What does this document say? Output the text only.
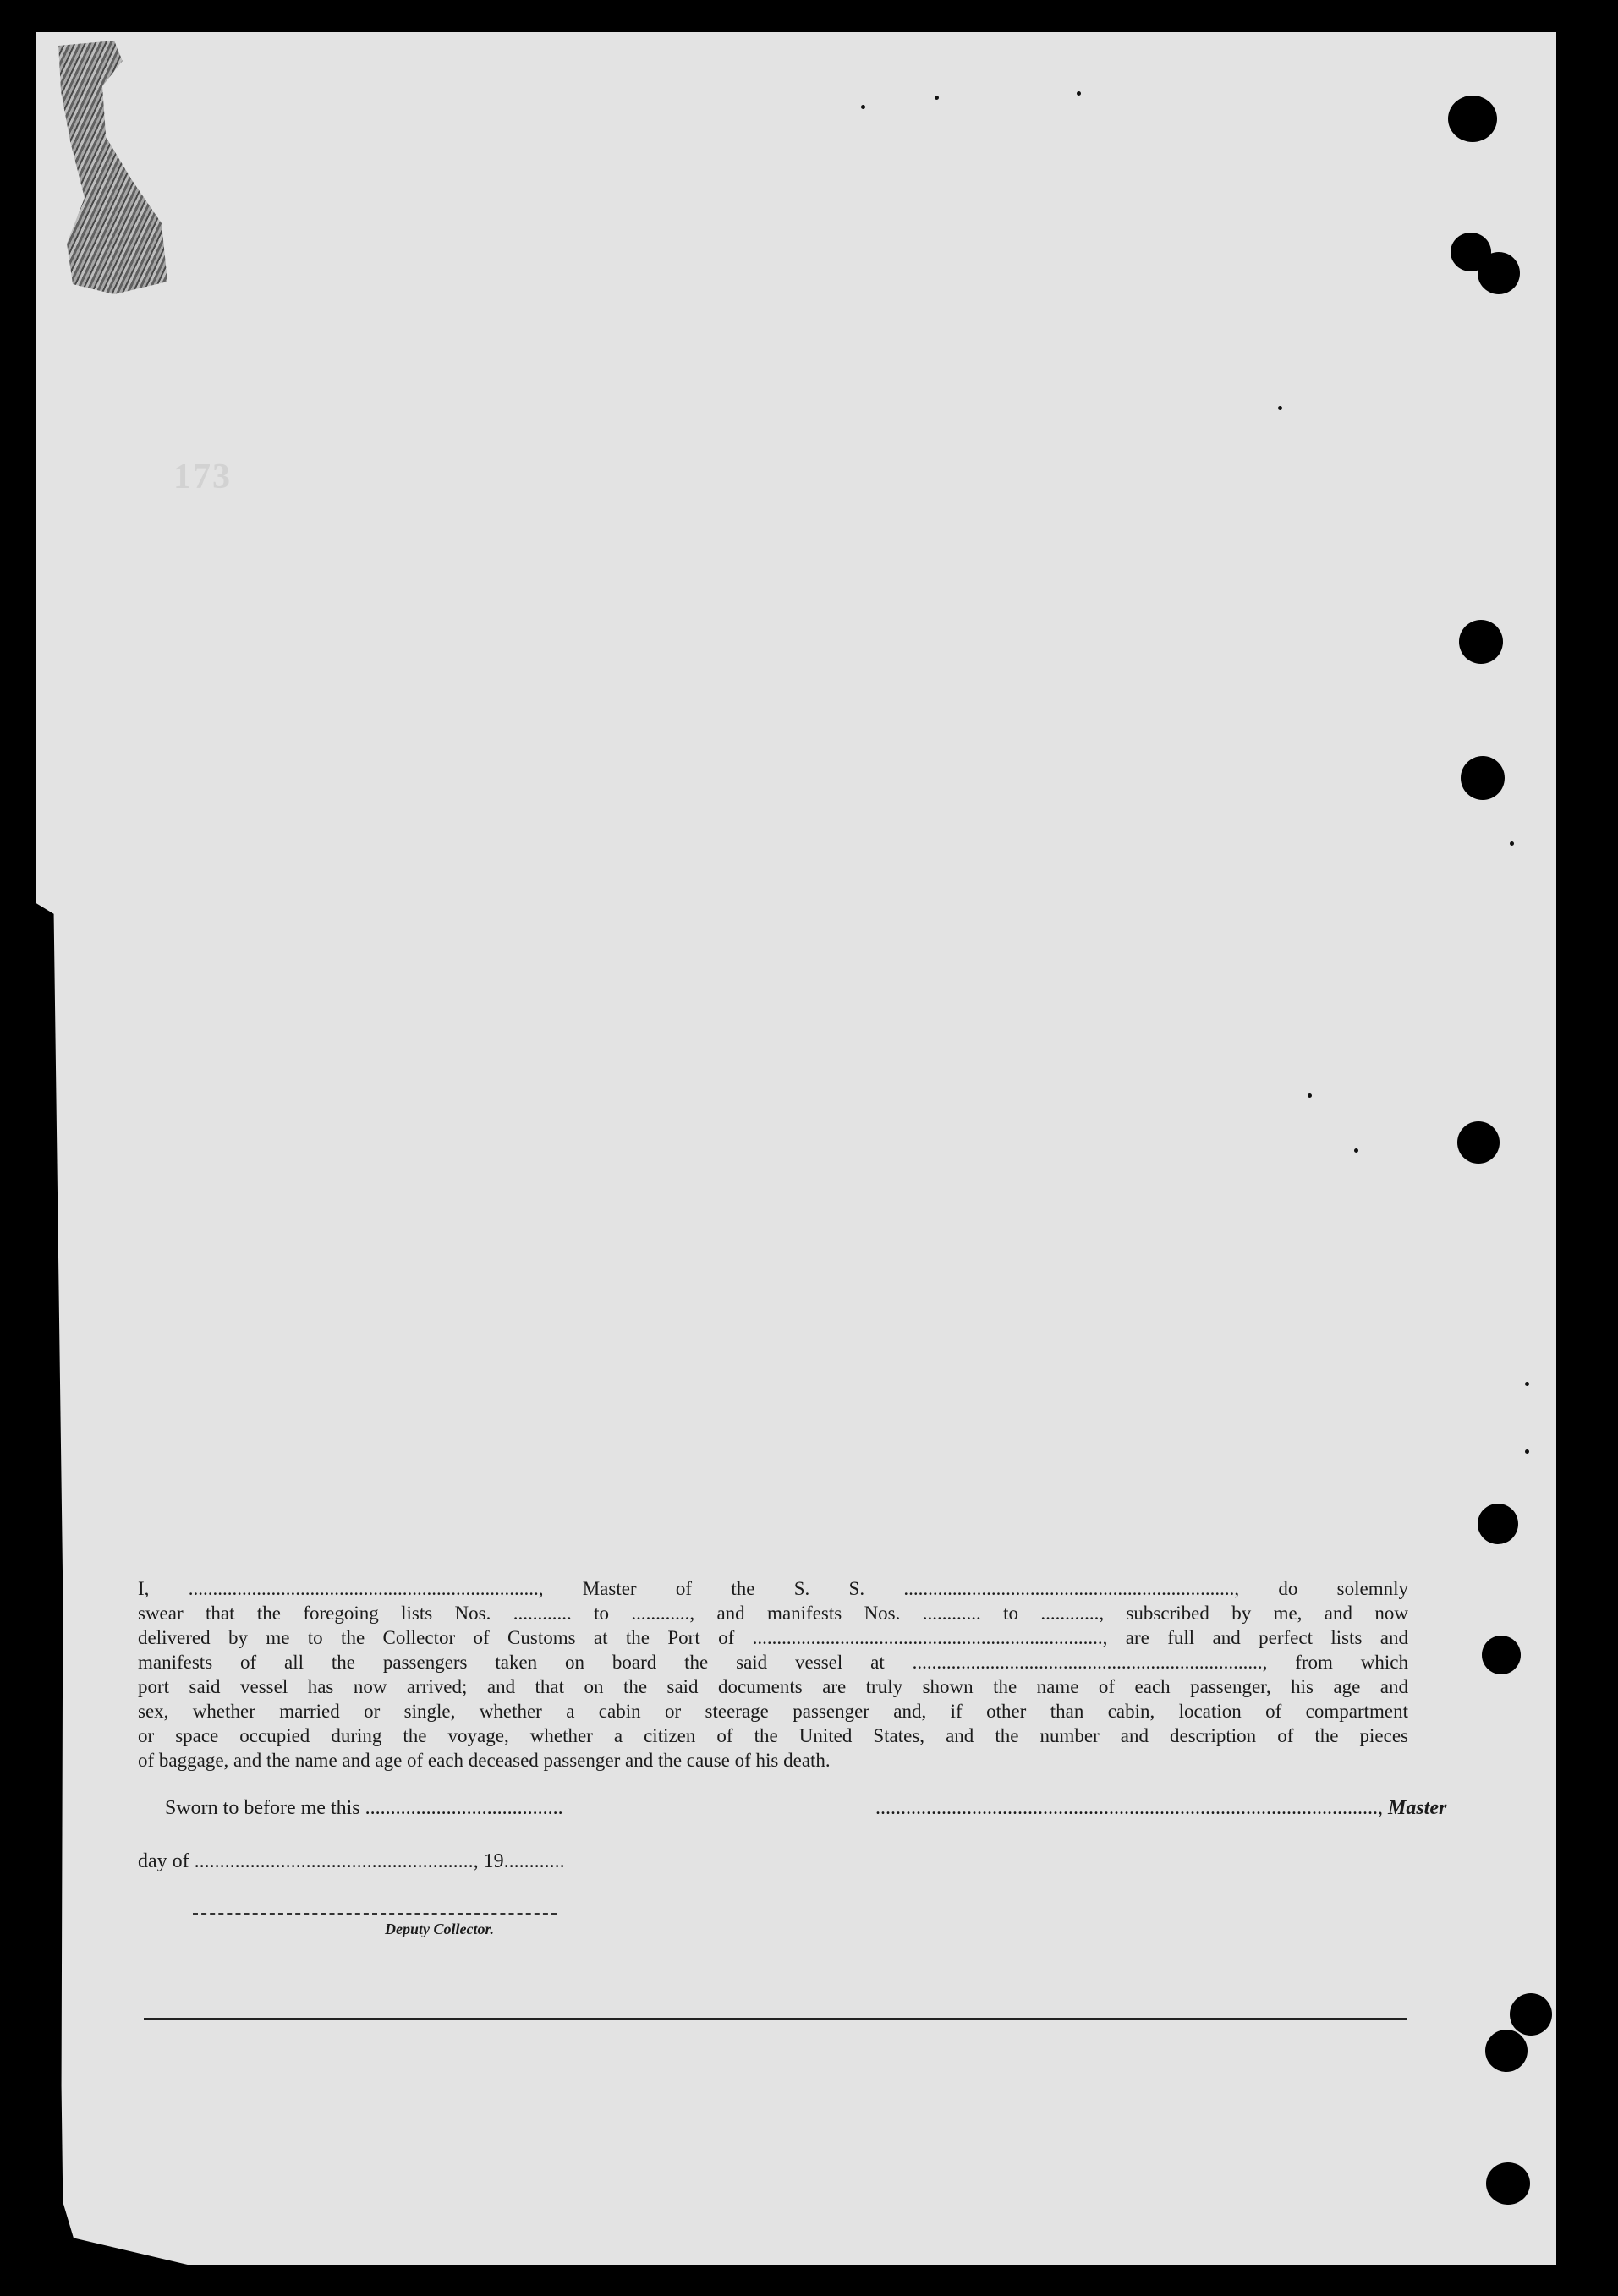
173
I, ........................................................................, Master of the S. S. ...................................................................., do solemnly
swear that the foregoing lists Nos. ............ to ............, and manifests Nos. ............ to ............, subscribed by me, and now
delivered by me to the Collector of Customs at the Port of ........................................................................, are full and perfect lists and
manifests of all the passengers taken on board the said vessel at ........................................................................, from which
port said vessel has now arrived; and that on the said documents are truly shown the name of each passenger, his age and
sex, whether married or single, whether a cabin or steerage passenger and, if other than cabin, location of compartment
or space occupied during the voyage, whether a citizen of the United States, and the number and description of the pieces
of baggage, and the name and age of each deceased passenger and the cause of his death.
Sworn to before me this .......................................	..................................................................................................., Master
day of ......................................................., 19............
Deputy Collector.
